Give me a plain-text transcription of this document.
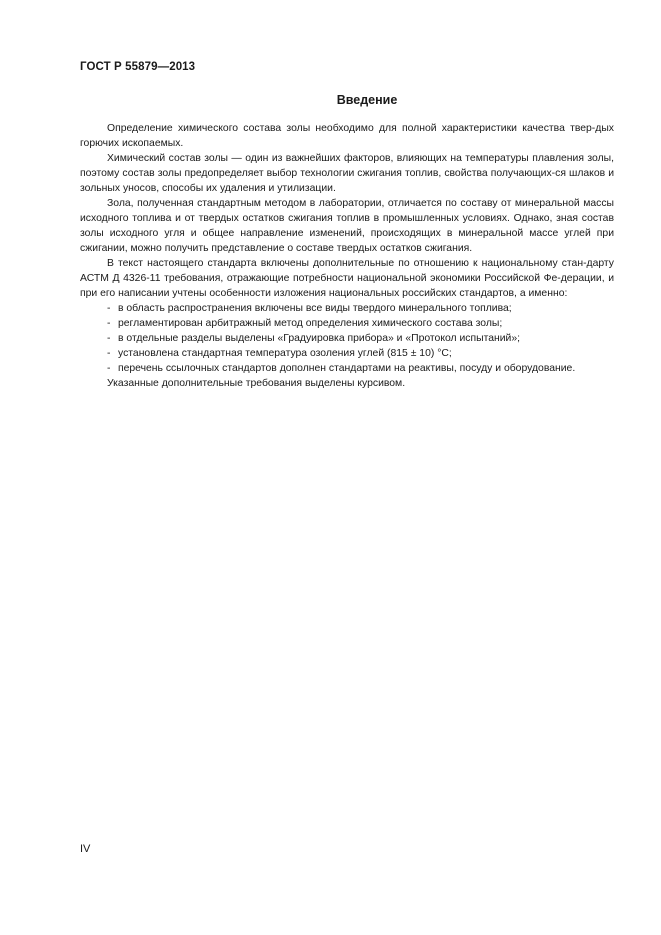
ГОСТ Р 55879—2013
Введение

Определение химического состава золы необходимо для полной характеристики качества твер-дых горючих ископаемых.

Химический состав золы — один из важнейших факторов, влияющих на температуры плавления золы, поэтому состав золы предопределяет выбор технологии сжигания топлив, свойства получающих-ся шлаков и зольных уносов, способы их удаления и утилизации.

Зола, полученная стандартным методом в лаборатории, отличается по составу от минеральной массы исходного топлива и от твердых остатков сжигания топлив в промышленных условиях. Однако, зная состав золы исходного угля и общее направление изменений, происходящих в минеральной массе углей при сжигании, можно получить представление о составе твердых остатков сжигания.

В текст настоящего стандарта включены дополнительные по отношению к национальному стан-дарту АСТМ Д 4326-11 требования, отражающие потребности национальной экономики Российской Фе-дерации, и при его написании учтены особенности изложения национальных российских стандартов, а именно:

- в область распространения включены все виды твердого минерального топлива;
- регламентирован арбитражный метод определения химического состава золы;
- в отдельные разделы выделены «Градуировка прибора» и «Протокол испытаний»;
- установлена стандартная температура озоления углей (815 ± 10) °С;
- перечень ссылочных стандартов дополнен стандартами на реактивы, посуду и оборудование.

Указанные дополнительные требования выделены курсивом.

IV
